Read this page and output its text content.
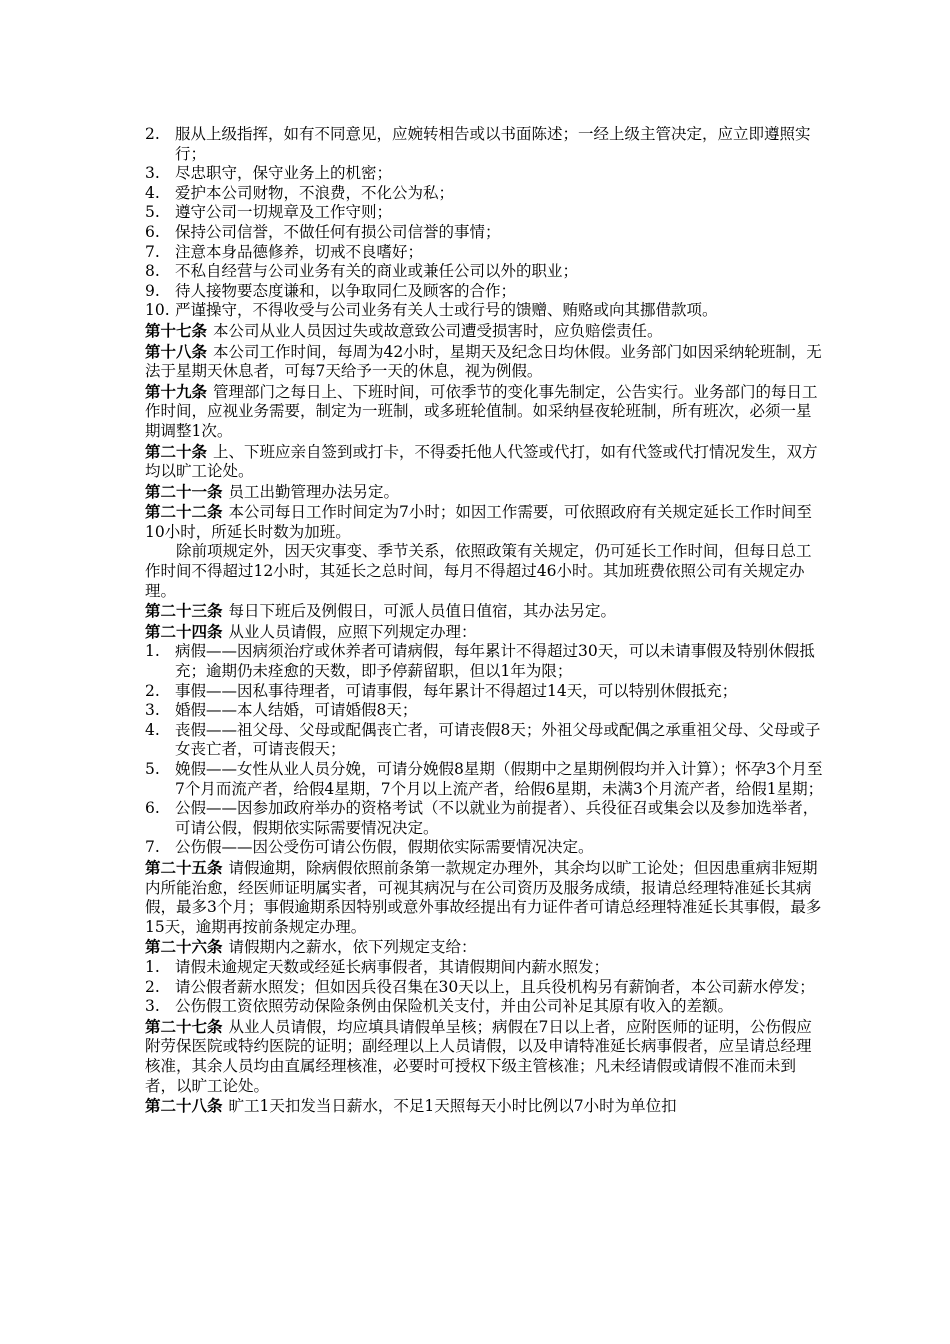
2. 服从上级指挥，如有不同意见，应婉转相告或以书面陈述；一经上级主管决定，应立即遵照实行；
3. 尽忠职守，保守业务上的机密；
4. 爱护本公司财物，不浪费，不化公为私；
5. 遵守公司一切规章及工作守则；
6. 保持公司信誉，不做任何有损公司信誉的事情；
7. 注意本身品德修养，切戒不良嗜好；
8. 不私自经营与公司业务有关的商业或兼任公司以外的职业；
9. 待人接物要态度谦和，以争取同仁及顾客的合作；
10. 严谨操守，不得收受与公司业务有关人士或行号的馈赠、贿赂或向其挪借款项。
第十七条 本公司从业人员因过失或故意致公司遭受损害时，应负赔偿责任。
第十八条 本公司工作时间，每周为42小时，星期天及纪念日均休假。业务部门如因采纳轮班制，无法于星期天休息者，可每7天给予一天的休息，视为例假。
第十九条 管理部门之每日上、下班时间，可依季节的变化事先制定，公告实行。业务部门的每日工作时间，应视业务需要，制定为一班制，或多班轮值制。如采纳昼夜轮班制，所有班次，必须一星期调整1次。
第二十条 上、下班应亲自签到或打卡，不得委托他人代签或代打，如有代签或代打情况发生，双方均以旷工论处。
第二十一条 员工出勤管理办法另定。
第二十二条 本公司每日工作时间定为7小时；如因工作需要，可依照政府有关规定延长工作时间至10小时，所延长时数为加班。
除前项规定外，因天灾事变、季节关系，依照政策有关规定，仍可延长工作时间，但每日总工作时间不得超过12小时，其延长之总时间，每月不得超过46小时。其加班费依照公司有关规定办理。
第二十三条 每日下班后及例假日，可派人员值日值宿，其办法另定。
第二十四条 从业人员请假，应照下列规定办理：
1. 病假——因病须治疗或休养者可请病假，每年累计不得超过30天，可以未请事假及特别休假抵充；逾期仍未痊愈的天数，即予停薪留职，但以1年为限；
2. 事假——因私事待理者，可请事假，每年累计不得超过14天，可以特别休假抵充；
3. 婚假——本人结婚，可请婚假8天；
4. 丧假——祖父母、父母或配偶丧亡者，可请丧假8天；外祖父母或配偶之承重祖父母、父母或子女丧亡者，可请丧假天；
5. 娩假——女性从业人员分娩，可请分娩假8星期（假期中之星期例假均并入计算）；怀孕3个月至7个月而流产者，给假4星期，7个月以上流产者，给假6星期，未满3个月流产者，给假1星期；
6. 公假——因参加政府举办的资格考试（不以就业为前提者）、兵役征召或集会以及参加选举者，可请公假，假期依实际需要情况决定。
7. 公伤假——因公受伤可请公伤假，假期依实际需要情况决定。
第二十五条 请假逾期，除病假依照前条第一款规定办理外，其余均以旷工论处；但因患重病非短期内所能治愈，经医师证明属实者，可视其病况与在公司资历及服务成绩，报请总经理特准延长其病假，最多3个月；事假逾期系因特别或意外事故经提出有力证件者可请总经理特准延长其事假，最多15天，逾期再按前条规定办理。
第二十六条 请假期内之薪水，依下列规定支给：
1. 请假未逾规定天数或经延长病事假者，其请假期间内薪水照发；
2. 请公假者薪水照发；但如因兵役召集在30天以上，且兵役机构另有薪饷者，本公司薪水停发；
3. 公伤假工资依照劳动保险条例由保险机关支付，并由公司补足其原有收入的差额。
第二十七条 从业人员请假，均应填具请假单呈核；病假在7日以上者，应附医师的证明，公伤假应附劳保医院或特约医院的证明；副经理以上人员请假，以及申请特准延长病事假者，应呈请总经理核准，其余人员均由直属经理核准，必要时可授权下级主管核准；凡未经请假或请假不准而未到者，以旷工论处。
第二十八条 旷工1天扣发当日薪水，不足1天照每天小时比例以7小时为单位扣
